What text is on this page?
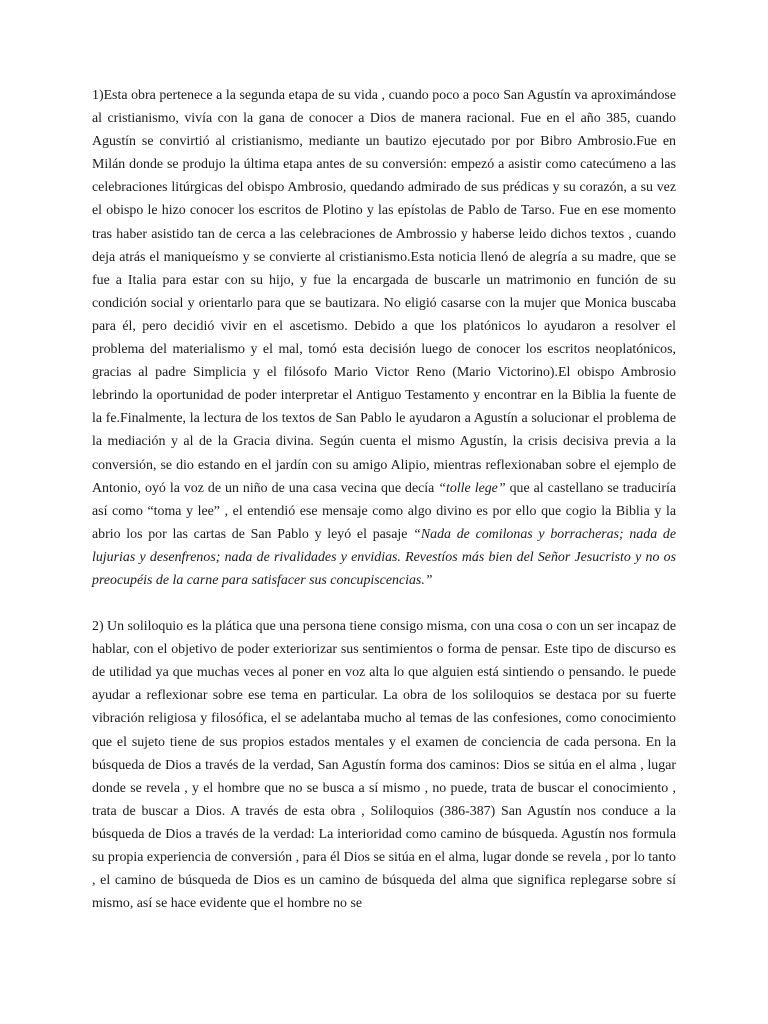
1)Esta obra pertenece a la segunda etapa de su vida , cuando poco a poco San Agustín va aproximándose al cristianismo, vivía con la gana de conocer a Dios de manera racional. Fue en el año 385, cuando Agustín se convirtió al cristianismo, mediante un bautizo ejecutado por por Bibro Ambrosio.Fue en Milán donde se produjo la última etapa antes de su conversión: empezó a asistir como catecúmeno a las celebraciones litúrgicas del obispo Ambrosio, quedando admirado de sus prédicas y su corazón, a su vez el obispo le hizo conocer los escritos de Plotino y las epístolas de Pablo de Tarso. Fue en ese momento tras haber asistido tan de cerca a las celebraciones de Ambrossio y haberse leido dichos textos , cuando deja atrás el maniqueísmo y se convierte al cristianismo.Esta noticia llenó de alegría a su madre, que se fue a Italia para estar con su hijo, y fue la encargada de buscarle un matrimonio en función de su condición social y orientarlo para que se bautizara. No eligió casarse con la mujer que Monica buscaba para él, pero decidió vivir en el ascetismo. Debido a que los platónicos lo ayudaron a resolver el problema del materialismo y el mal, tomó esta decisión luego de conocer los escritos neoplatónicos, gracias al padre Simplicia y el filósofo Mario Victor Reno (Mario Victorino).El obispo Ambrosio lebrindo la oportunidad de poder interpretar el Antiguo Testamento y encontrar en la Biblia la fuente de la fe.Finalmente, la lectura de los textos de San Pablo le ayudaron a Agustín a solucionar el problema de la mediación y al de la Gracia divina. Según cuenta el mismo Agustín, la crisis decisiva previa a la conversión, se dio estando en el jardín con su amigo Alipio, mientras reflexionaban sobre el ejemplo de Antonio, oyó la voz de un niño de una casa vecina que decía “tolle lege” que al castellano se traduciría así como “toma y lee” , el entendió ese mensaje como algo divino es por ello que cogio la Biblia y la abrio los por las cartas de San Pablo y leyó el pasaje “Nada de comilonas y borracheras; nada de lujurias y desenfrenos; nada de rivalidades y envidias. Revestíos más bien del Señor Jesucristo y no os preocupéis de la carne para satisfacer sus concupiscencias.”

2) Un soliloquio es la plática que una persona tiene consigo misma, con una cosa o con un ser incapaz de hablar, con el objetivo de poder exteriorizar sus sentimientos o forma de pensar. Este tipo de discurso es de utilidad ya que muchas veces al poner en voz alta lo que alguien está sintiendo o pensando. le puede ayudar a reflexionar sobre ese tema en particular. La obra de los soliloquios se destaca por su fuerte vibración religiosa y filosófica, el se adelantaba mucho al temas de las confesiones, como conocimiento que el sujeto tiene de sus propios estados mentales y el examen de conciencia de cada persona. En la búsqueda de Dios a través de la verdad, San Agustín forma dos caminos: Dios se sitúa en el alma , lugar donde se revela , y el hombre que no se busca a sí mismo , no puede, trata de buscar el conocimiento , trata de buscar a Dios. A través de esta obra , Soliloquios (386-387) San Agustín nos conduce a la búsqueda de Dios a través de la verdad: La interioridad como camino de búsqueda. Agustín nos formula su propia experiencia de conversión , para él Dios se sitúa en el alma, lugar donde se revela , por lo tanto , el camino de búsqueda de Dios es un camino de búsqueda del alma que significa replegarse sobre sí mismo, así se hace evidente que el hombre no se
